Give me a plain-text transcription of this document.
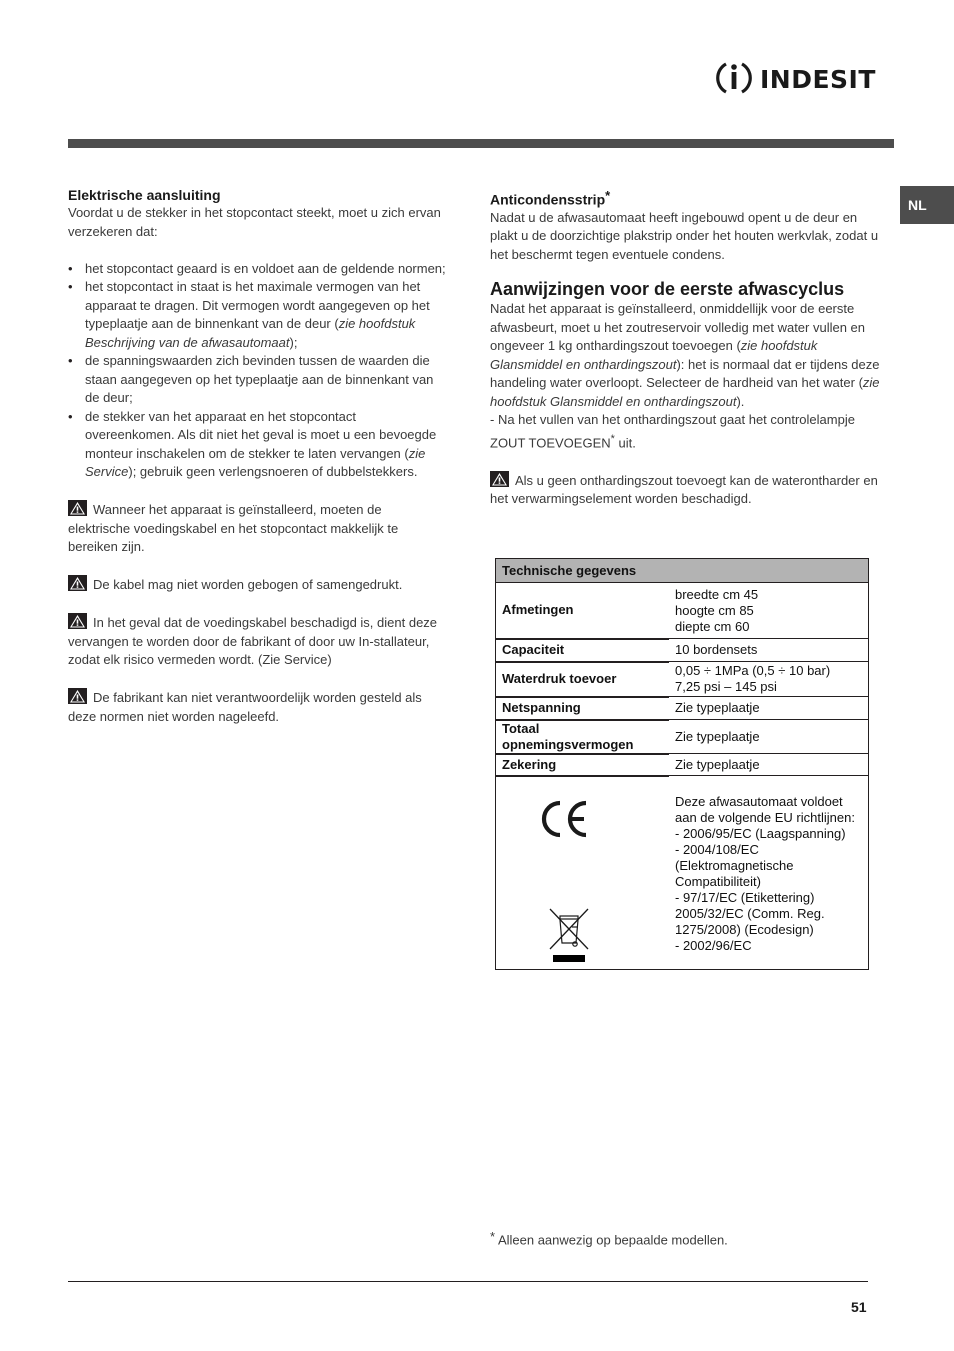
INDESIT
NL
Elektrische aansluiting

Voordat u de stekker in het stopcontact steekt, moet u zich ervan verzekeren dat:

• het stopcontact geaard is en voldoet aan de geldende normen;
• het stopcontact in staat is het maximale vermogen van het apparaat te dragen. Dit vermogen wordt aangegeven op het typeplaatje aan de binnenkant van de deur (zie hoofdstuk Beschrijving van de afwasautomaat);
• de spanningswaarden zich bevinden tussen de waarden die staan aangegeven op het typeplaatje aan de binnenkant van de deur;
• de stekker van het apparaat en het stopcontact overeenkomen. Als dit niet het geval is moet u een bevoegde monteur inschakelen om de stekker te laten vervangen (zie Service); gebruik geen verlengsnoeren of dubbelstekkers.

Wanneer het apparaat is geïnstalleerd, moeten de elektrische voedingskabel en het stopcontact makkelijk te bereiken zijn.

De kabel mag niet worden gebogen of samengedrukt.

In het geval dat de voedingskabel beschadigd is, dient deze vervangen te worden door de fabrikant of door uw In-stallateur, zodat elk risico vermeden wordt. (Zie Service)

De fabrikant kan niet verantwoordelijk worden gesteld als deze normen niet worden nageleefd.

Anticondensstrip*

Nadat u de afwasautomaat heeft ingebouwd opent u de deur en plakt u de doorzichtige plakstrip onder het houten werkvlak, zodat u het beschermt tegen eventuele condens.

Aanwijzingen voor de eerste afwascyclus

Nadat het apparaat is geïnstalleerd, onmiddellijk voor de eerste afwasbeurt, moet u het zoutreservoir volledig met water vullen en ongeveer 1 kg onthardingszout toevoegen (zie hoofdstuk Glansmiddel en onthardingszout): het is normaal dat er tijdens deze handeling water overloopt. Selecteer de hardheid van het water (zie hoofdstuk Glansmiddel en onthardingszout).

- Na het vullen van het onthardingszout gaat het controlelampje ZOUT TOEVOEGEN* uit.

Als u geen onthardingszout toevoegt kan de waterontharder en het verwarmingselement worden beschadigd.

Technische gegevens	
Afmetingen	breedte cm 45
hoogte cm 85
diepte cm 60

Capaciteit	10 bordensets

Waterdruk toevoer	0,05 ÷ 1MPa (0,5 ÷ 10 bar)
7,25 psi – 145 psi

Netspanning	Zie typeplaatje

Totaal
opnemingsvermogen	Zie typeplaatje

Zekering	Zie typeplaatje

Deze afwasautomaat voldoet
aan de volgende EU richtlijnen:
- 2006/95/EC (Laagspanning)
- 2004/108/EC
(Elektromagnetische
Compatibiliteit)
- 97/17/EC (Etikettering)
2005/32/EC (Comm. Reg.
1275/2008) (Ecodesign)
- 2002/96/EC
* Alleen aanwezig op bepaalde modellen.
51
